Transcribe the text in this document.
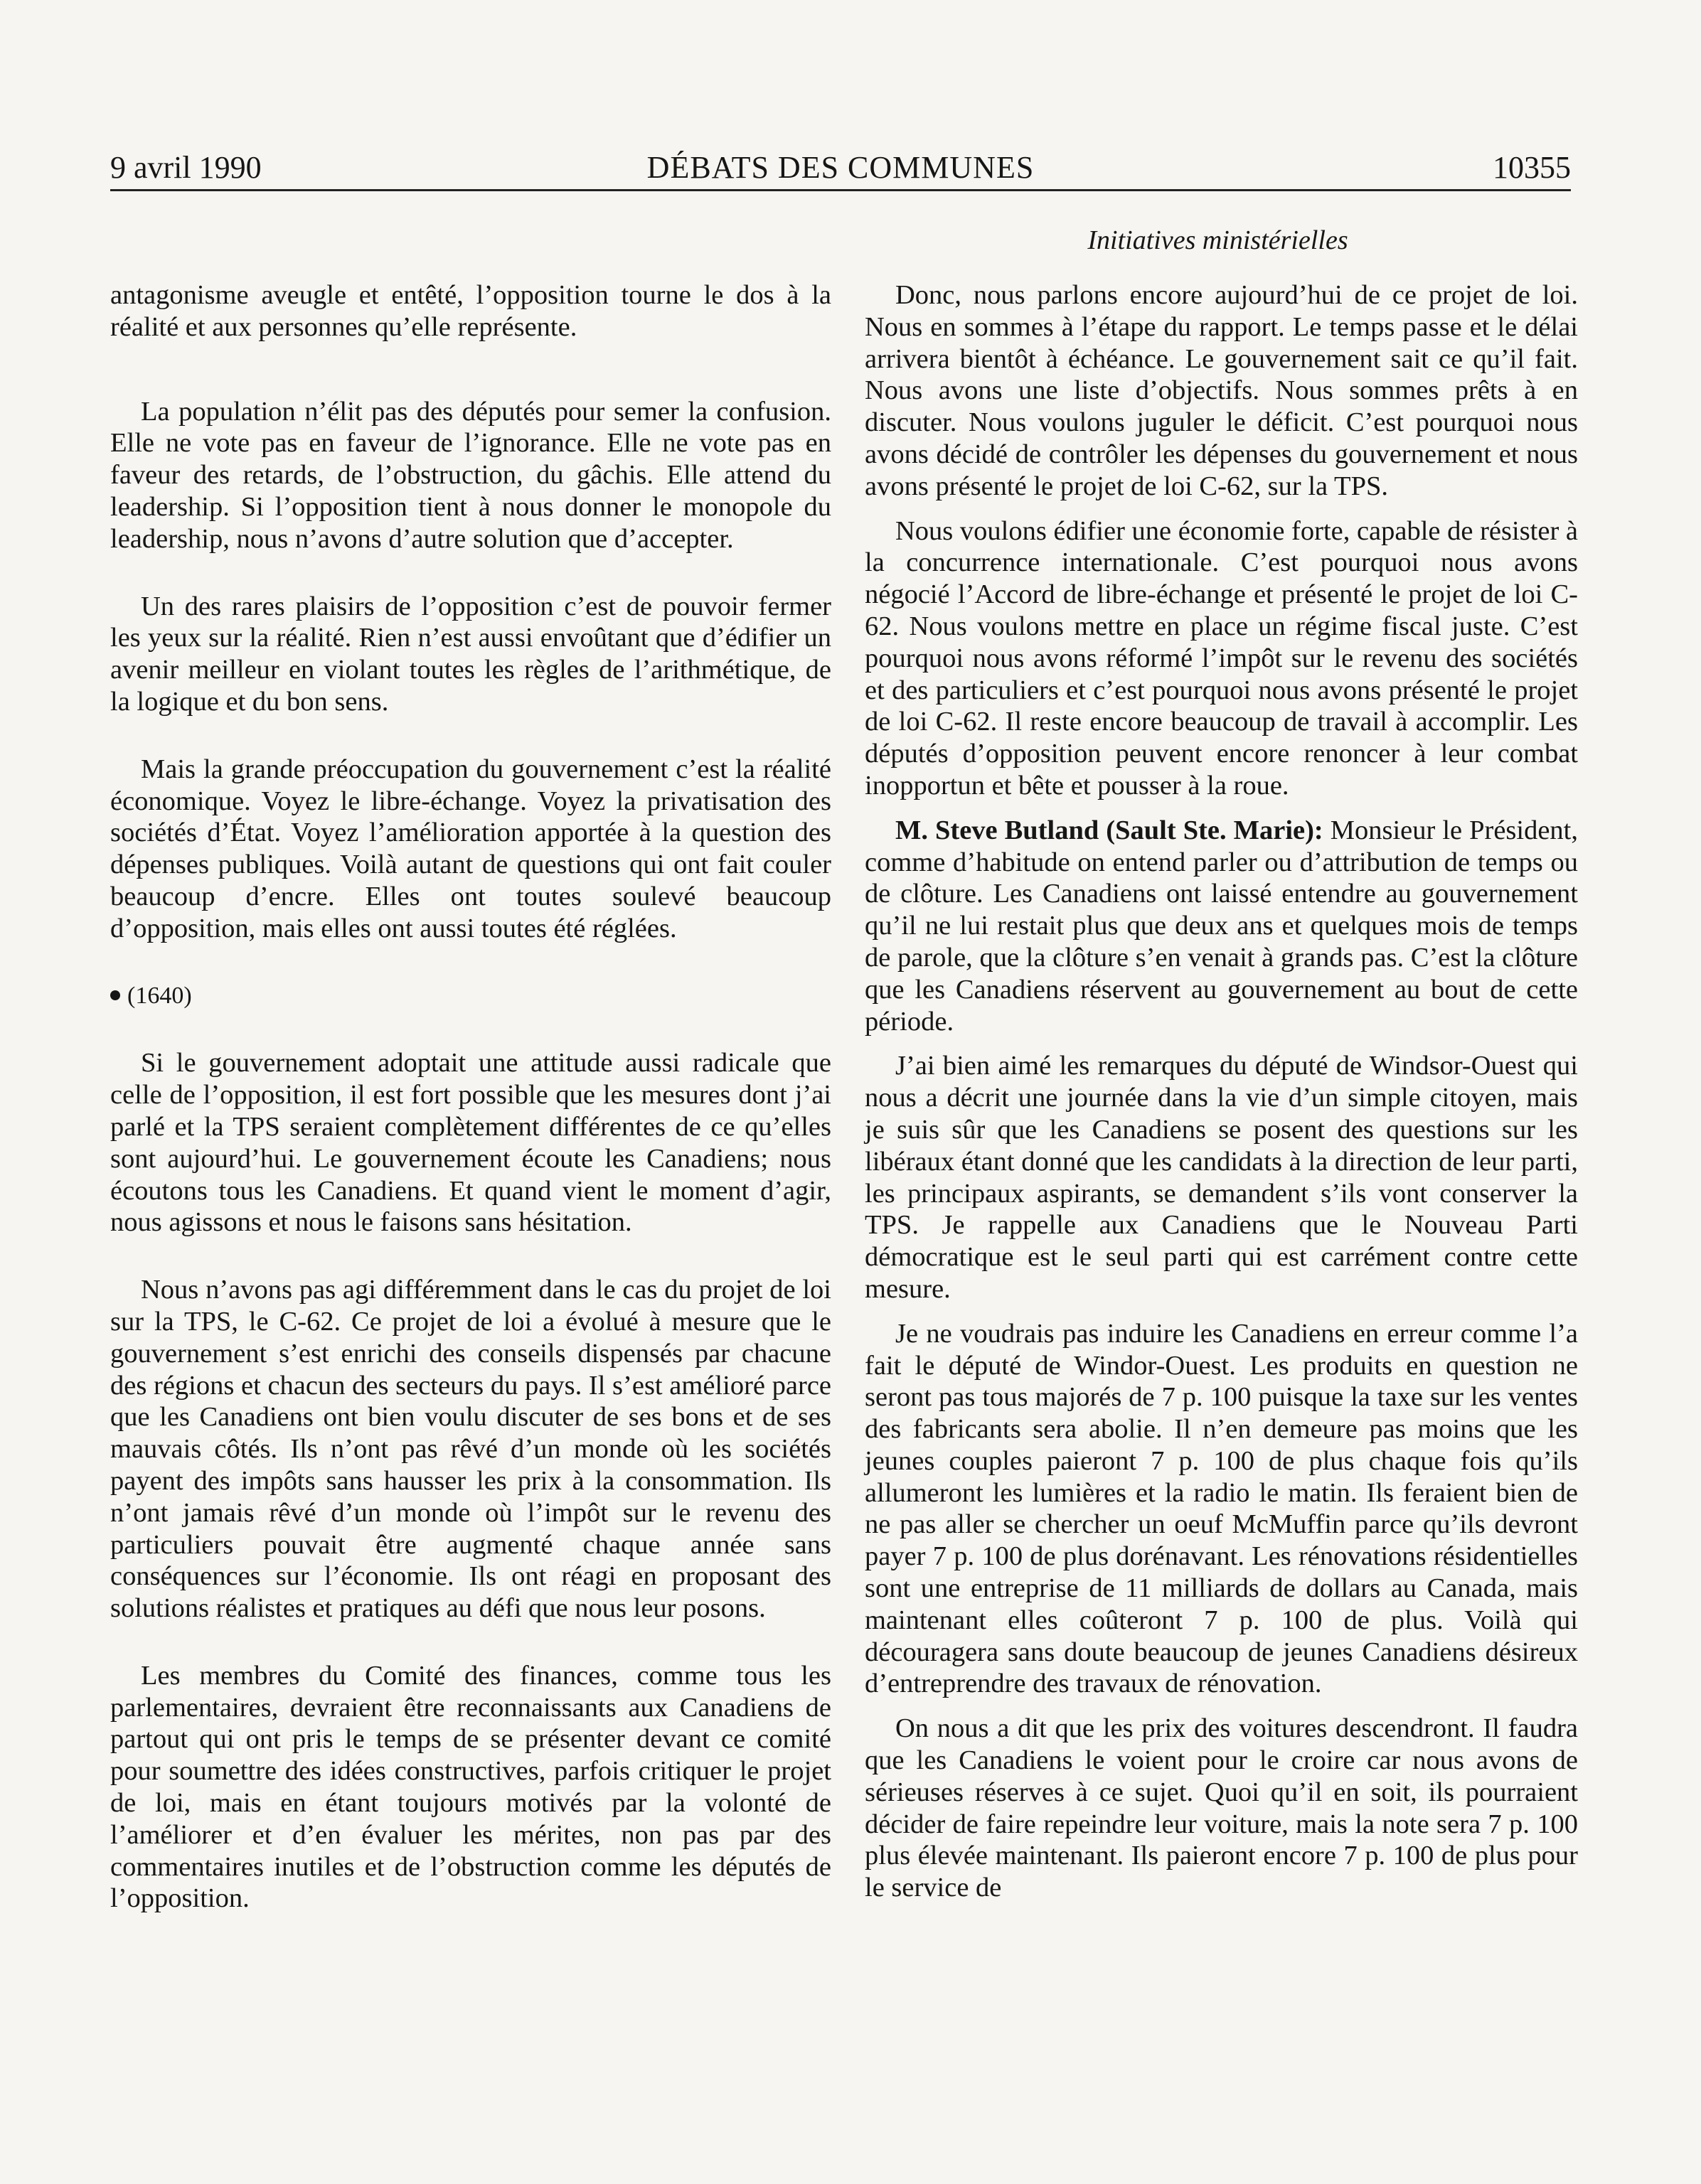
9 avril 1990	DÉBATS DES COMMUNES	10355
Initiatives ministérielles

antagonisme aveugle et entêté, l’opposition tourne le dos à la réalité et aux personnes qu’elle représente.

La population n’élit pas des députés pour semer la confusion. Elle ne vote pas en faveur de l’ignorance. Elle ne vote pas en faveur des retards, de l’obstruction, du gâchis. Elle attend du leadership. Si l’opposition tient à nous donner le monopole du leadership, nous n’avons d’autre solution que d’accepter.

Un des rares plaisirs de l’opposition c’est de pouvoir fermer les yeux sur la réalité. Rien n’est aussi envoûtant que d’édifier un avenir meilleur en violant toutes les règles de l’arithmétique, de la logique et du bon sens.

Mais la grande préoccupation du gouvernement c’est la réalité économique. Voyez le libre-échange. Voyez la privatisation des sociétés d’État. Voyez l’amélioration apportée à la question des dépenses publiques. Voilà autant de questions qui ont fait couler beaucoup d’encre. Elles ont toutes soulevé beaucoup d’opposition, mais elles ont aussi toutes été réglées.

(1640)

Si le gouvernement adoptait une attitude aussi radicale que celle de l’opposition, il est fort possible que les mesures dont j’ai parlé et la TPS seraient complètement différentes de ce qu’elles sont aujourd’hui. Le gouvernement écoute les Canadiens; nous écoutons tous les Canadiens. Et quand vient le moment d’agir, nous agissons et nous le faisons sans hésitation.

Nous n’avons pas agi différemment dans le cas du projet de loi sur la TPS, le C-62. Ce projet de loi a évolué à mesure que le gouvernement s’est enrichi des conseils dispensés par chacune des régions et chacun des secteurs du pays. Il s’est amélioré parce que les Canadiens ont bien voulu discuter de ses bons et de ses mauvais côtés. Ils n’ont pas rêvé d’un monde où les sociétés payent des impôts sans hausser les prix à la consommation. Ils n’ont jamais rêvé d’un monde où l’impôt sur le revenu des particuliers pouvait être augmenté chaque année sans conséquences sur l’économie. Ils ont réagi en proposant des solutions réalistes et pratiques au défi que nous leur posons.

Les membres du Comité des finances, comme tous les parlementaires, devraient être reconnaissants aux Canadiens de partout qui ont pris le temps de se présenter devant ce comité pour soumettre des idées constructives, parfois critiquer le projet de loi, mais en étant toujours motivés par la volonté de l’améliorer et d’en évaluer les mérites, non pas par des commentaires inutiles et de l’obstruction comme les députés de l’opposition.

Donc, nous parlons encore aujourd’hui de ce projet de loi. Nous en sommes à l’étape du rapport. Le temps passe et le délai arrivera bientôt à échéance. Le gouvernement sait ce qu’il fait. Nous avons une liste d’objectifs. Nous sommes prêts à en discuter. Nous voulons juguler le déficit. C’est pourquoi nous avons décidé de contrôler les dépenses du gouvernement et nous avons présenté le projet de loi C-62, sur la TPS.

Nous voulons édifier une économie forte, capable de résister à la concurrence internationale. C’est pourquoi nous avons négocié l’Accord de libre-échange et présenté le projet de loi C-62. Nous voulons mettre en place un régime fiscal juste. C’est pourquoi nous avons réformé l’impôt sur le revenu des sociétés et des particuliers et c’est pourquoi nous avons présenté le projet de loi C-62. Il reste encore beaucoup de travail à accomplir. Les députés d’opposition peuvent encore renoncer à leur combat inopportun et bête et pousser à la roue.

M. Steve Butland (Sault Ste. Marie): Monsieur le Président, comme d’habitude on entend parler ou d’attribution de temps ou de clôture. Les Canadiens ont laissé entendre au gouvernement qu’il ne lui restait plus que deux ans et quelques mois de temps de parole, que la clôture s’en venait à grands pas. C’est la clôture que les Canadiens réservent au gouvernement au bout de cette période.

J’ai bien aimé les remarques du député de Windsor-Ouest qui nous a décrit une journée dans la vie d’un simple citoyen, mais je suis sûr que les Canadiens se posent des questions sur les libéraux étant donné que les candidats à la direction de leur parti, les principaux aspirants, se demandent s’ils vont conserver la TPS. Je rappelle aux Canadiens que le Nouveau Parti démocratique est le seul parti qui est carrément contre cette mesure.

Je ne voudrais pas induire les Canadiens en erreur comme l’a fait le député de Windor-Ouest. Les produits en question ne seront pas tous majorés de 7 p. 100 puisque la taxe sur les ventes des fabricants sera abolie. Il n’en demeure pas moins que les jeunes couples paieront 7 p. 100 de plus chaque fois qu’ils allumeront les lumières et la radio le matin. Ils feraient bien de ne pas aller se chercher un oeuf McMuffin parce qu’ils devront payer 7 p. 100 de plus dorénavant. Les rénovations résidentielles sont une entreprise de 11 milliards de dollars au Canada, mais maintenant elles coûteront 7 p. 100 de plus. Voilà qui découragera sans doute beaucoup de jeunes Canadiens désireux d’entreprendre des travaux de rénovation.

On nous a dit que les prix des voitures descendront. Il faudra que les Canadiens le voient pour le croire car nous avons de sérieuses réserves à ce sujet. Quoi qu’il en soit, ils pourraient décider de faire repeindre leur voiture, mais la note sera 7 p. 100 plus élevée maintenant. Ils paieront encore 7 p. 100 de plus pour le service de
